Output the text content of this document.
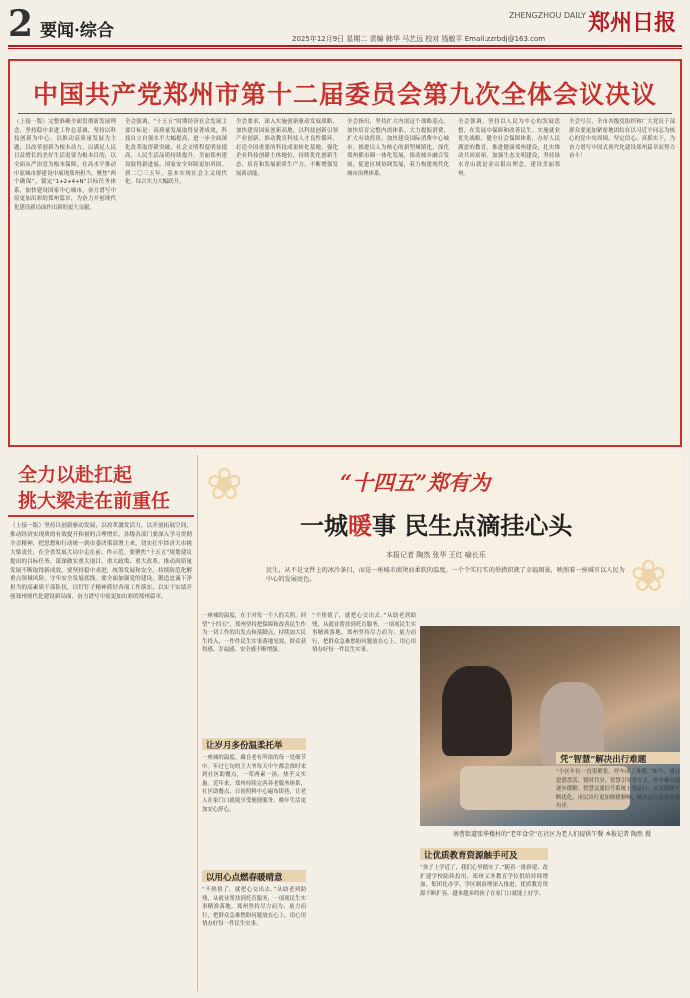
2 要闻·综合
ZHENGZHOU DAILY 郑州日报
2025年12月9日 星期二 责编 韩华 马艺远 校对 钱敏平 Email:zzrbdj@163.com
中国共产党郑州市第十二届委员会第九次全体会议决议
（上接一版）完整准确全面贯彻新发展理念，坚持稳中求进工作总基调，坚持以科技创新为中心，以推动高质量发展为主题，以改革创新为根本动力，以满足人民日益增长的美好生活需要为根本目的，以全面从严治党为根本保障，在高水平推动中原城市群建设中展现郑州担当，聚焦“两个确保”，锚定“1+2+4+N”目标任务体系，加快建设国家中心城市，奋力谱写中原更加出彩的郑州篇章，为奋力开创现代化建设新局面作出新的更大贡献。
全会强调，“十五五”时期经济社会发展主要目标是：高质量发展取得显著成效，科技自立自强水平大幅提高，进一步全面深化改革取得新突破，社会文明程度明显提高，人民生活品质持续提升，美丽郑州建设取得新进展，国家安全屏障更加巩固。到二〇三五年，基本实现社会主义现代化，综合实力大幅跃升。
全会要求，深入实施创新驱动发展战略，加快建设国家创新高地，以科技创新引领产业创新。推动教育科技人才良性循环，打造全国重要的科技成果转化基地，强化企业科技创新主体地位，持续优化创新生态，培育和发展新质生产力，不断增强发展新动能。
全会指出，坚持扩大内需这个战略基点，加快培育完整内需体系。大力提振消费，扩大有效投资，加快建设国际消费中心城市。推进以人为核心的新型城镇化，深化郑州都市圈一体化发展，推动城乡融合发展，促进区域协调发展，着力构建现代化城市治理体系。
全会强调，坚持以人民为中心的发展思想，在发展中保障和改善民生。实施就业优先战略，健全社会保障体系，办好人民满意的教育，推进健康郑州建设，扎实推动共同富裕。加强生态文明建设，坚持绿水青山就是金山银山理念，建设美丽郑州。
全会号召，全市各级党组织和广大党员干部群众要更加紧密地团结在以习近平同志为核心的党中央周围，坚定信心、真抓实干，为奋力谱写中国式现代化建设郑州篇章而努力奋斗！
全力以赴扛起
挑大梁走在前重任
（上接一版）坚持以创新驱动发展，以改革激发活力，以开放拓展空间，推动经济实现质的有效提升和量的合理增长。各级各部门要深入学习贯彻全会精神，把思想和行动统一到市委决策部署上来，切实扛牢经济大市挑大梁责任，在全省发展大局中走在前、作示范。要聚焦“十五五”规划建议提出的目标任务，谋深做实重大项目、重大政策、重大改革，推动高质量发展不断取得新成效。要坚持稳中求进，统筹发展和安全，持续防范化解重点领域风险，守牢安全发展底线。要全面加强党的建设，锻造忠诚干净担当的高素质干部队伍，以钉钉子精神抓好各项工作落实，以实干实绩开创郑州现代化建设新局面，奋力谱写中原更加出彩的郑州篇章。
❀
❀
“十四五”郑有为
一城暖事 民生点滴挂心头
本报记者 陶然 张华 王红 喻长乐
民生，从不是文件上的冰冷条目，而是一座城市滚烫而柔软的温度。一个个实打实的举措织就了幸福图景，映照着一座城市以人民为中心的发展底色。
一座城的温度，在于对每一个人的关照。回望“十四五”，郑州坚持把保障和改善民生作为一切工作的出发点和落脚点，持续加大民生投入，一件件民生实事落地见效，群众获得感、幸福感、安全感不断增强。
让岁月多份温柔托举
一座城的温度，藏在老有所依的每一处细节中。年过七旬的王大爷每天中午都会准时来到社区助餐点，一荤两素一汤，热乎又实惠。近年来，郑州持续完善养老服务体系，社区助餐点、日间照料中心遍布街巷，让老人在家门口就能享受便捷服务，晚年生活更加安心舒心。
以用心点燃春暖晴意
“不热情了，就把心交出去。”从助老到助残，从就业帮扶到托育服务，一项项民生实事精准落地。郑州坚持尽力而为、量力而行，把群众急难愁盼问题放在心上，用心用情办好每一件民生实事。
“不热情了，就把心交出去。”从助老到助残，从就业帮扶到托育服务，一项项民生实事精准落地。郑州坚持尽力而为、量力而行，把群众急难愁盼问题放在心上，用心用情办好每一件民生实事。
南曹街道张华楼村的“老年食堂”在社区为老人们提供午餐 本报记者 陶然 摄
让优质教育资源触手可及
“孩子上学近了，我们心里踏实了。”随着一批新建、改扩建学校陆续投用，郑州义务教育学位供给持续增加，集团化办学、学区制治理深入推进，优质教育资源不断扩容，越来越多的孩子在家门口就能上好学。
凭“智慧”解决出行难题
“小区车位一直很紧张，停车成了难题。”如今，通过挖潜盘活、错时共享、智慧引导等方式，停车难问题逐步缓解。智慧交通信号系统上线运行，公交线网不断优化，市民出行更加便捷顺畅，城市运行更加高效有序。
